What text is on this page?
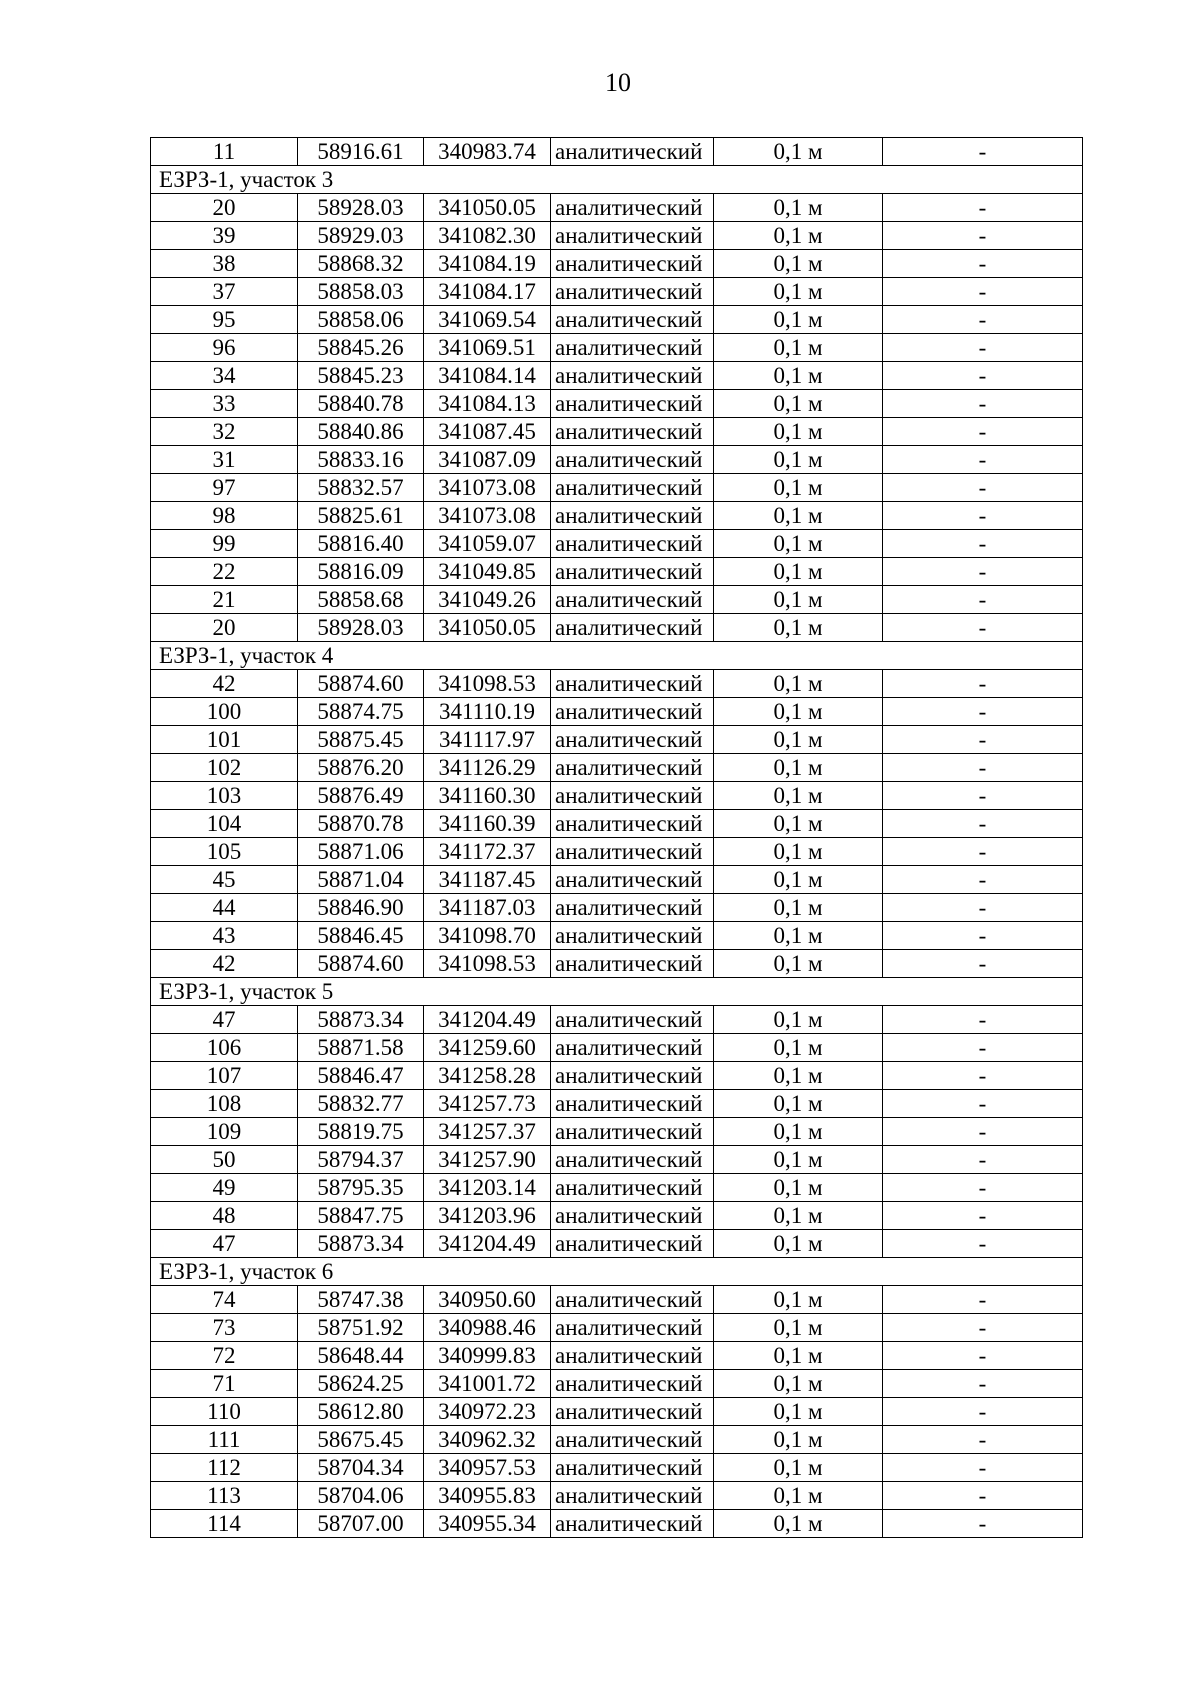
10
11	58916.61	340983.74	аналитический	0,1 м	-
ЕЗРЗ-1, участок 3					
20	58928.03	341050.05	аналитический	0,1 м	-
39	58929.03	341082.30	аналитический	0,1 м	-
38	58868.32	341084.19	аналитический	0,1 м	-
37	58858.03	341084.17	аналитический	0,1 м	-
95	58858.06	341069.54	аналитический	0,1 м	-
96	58845.26	341069.51	аналитический	0,1 м	-
34	58845.23	341084.14	аналитический	0,1 м	-
33	58840.78	341084.13	аналитический	0,1 м	-
32	58840.86	341087.45	аналитический	0,1 м	-
31	58833.16	341087.09	аналитический	0,1 м	-
97	58832.57	341073.08	аналитический	0,1 м	-
98	58825.61	341073.08	аналитический	0,1 м	-
99	58816.40	341059.07	аналитический	0,1 м	-
22	58816.09	341049.85	аналитический	0,1 м	-
21	58858.68	341049.26	аналитический	0,1 м	-
20	58928.03	341050.05	аналитический	0,1 м	-
ЕЗРЗ-1, участок 4					
42	58874.60	341098.53	аналитический	0,1 м	-
100	58874.75	341110.19	аналитический	0,1 м	-
101	58875.45	341117.97	аналитический	0,1 м	-
102	58876.20	341126.29	аналитический	0,1 м	-
103	58876.49	341160.30	аналитический	0,1 м	-
104	58870.78	341160.39	аналитический	0,1 м	-
105	58871.06	341172.37	аналитический	0,1 м	-
45	58871.04	341187.45	аналитический	0,1 м	-
44	58846.90	341187.03	аналитический	0,1 м	-
43	58846.45	341098.70	аналитический	0,1 м	-
42	58874.60	341098.53	аналитический	0,1 м	-
ЕЗРЗ-1, участок 5					
47	58873.34	341204.49	аналитический	0,1 м	-
106	58871.58	341259.60	аналитический	0,1 м	-
107	58846.47	341258.28	аналитический	0,1 м	-
108	58832.77	341257.73	аналитический	0,1 м	-
109	58819.75	341257.37	аналитический	0,1 м	-
50	58794.37	341257.90	аналитический	0,1 м	-
49	58795.35	341203.14	аналитический	0,1 м	-
48	58847.75	341203.96	аналитический	0,1 м	-
47	58873.34	341204.49	аналитический	0,1 м	-
ЕЗРЗ-1, участок 6					
74	58747.38	340950.60	аналитический	0,1 м	-
73	58751.92	340988.46	аналитический	0,1 м	-
72	58648.44	340999.83	аналитический	0,1 м	-
71	58624.25	341001.72	аналитический	0,1 м	-
110	58612.80	340972.23	аналитический	0,1 м	-
111	58675.45	340962.32	аналитический	0,1 м	-
112	58704.34	340957.53	аналитический	0,1 м	-
113	58704.06	340955.83	аналитический	0,1 м	-
114	58707.00	340955.34	аналитический	0,1 м	-
